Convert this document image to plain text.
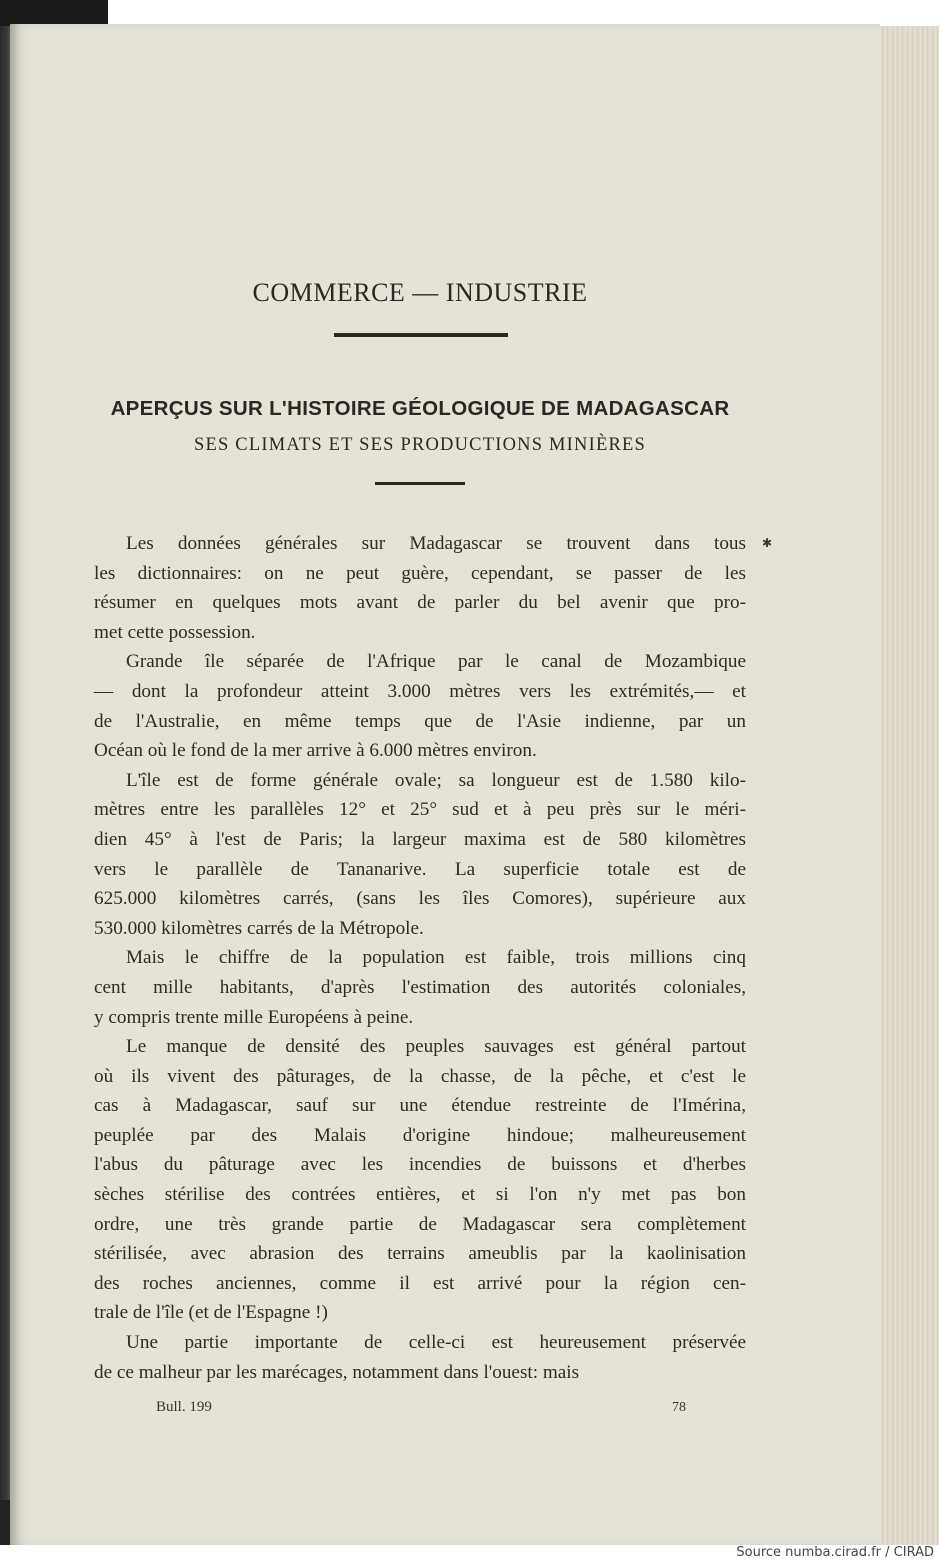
COMMERCE — INDUSTRIE
APERÇUS SUR L'HISTOIRE GÉOLOGIQUE DE MADAGASCAR
SES CLIMATS ET SES PRODUCTIONS MINIÈRES

Les données générales sur Madagascar se trouvent dans tous
les dictionnaires: on ne peut guère, cependant, se passer de les
résumer en quelques mots avant de parler du bel avenir que pro-
met cette possession.

Grande île séparée de l'Afrique par le canal de Mozambique
— dont la profondeur atteint 3.000 mètres vers les extrémités,— et
de l'Australie, en même temps que de l'Asie indienne, par un
Océan où le fond de la mer arrive à 6.000 mètres environ.

L'île est de forme générale ovale; sa longueur est de 1.580 kilo-
mètres entre les parallèles 12° et 25° sud et à peu près sur le méri-
dien 45° à l'est de Paris; la largeur maxima est de 580 kilomètres
vers le parallèle de Tananarive. La superficie totale est de
625.000 kilomètres carrés, (sans les îles Comores), supérieure aux
530.000 kilomètres carrés de la Métropole.

Mais le chiffre de la population est faible, trois millions cinq
cent mille habitants, d'après l'estimation des autorités coloniales,
y compris trente mille Européens à peine.

Le manque de densité des peuples sauvages est général partout
où ils vivent des pâturages, de la chasse, de la pêche, et c'est le
cas à Madagascar, sauf sur une étendue restreinte de l'Imérina,
peuplée par des Malais d'origine hindoue; malheureusement
l'abus du pâturage avec les incendies de buissons et d'herbes
sèches stérilise des contrées entières, et si l'on n'y met pas bon
ordre, une très grande partie de Madagascar sera complètement
stérilisée, avec abrasion des terrains ameublis par la kaolinisation
des roches anciennes, comme il est arrivé pour la région cen-
trale de l'île (et de l'Espagne !)

Une partie importante de celle-ci est heureusement préservée
de ce malheur par les marécages, notamment dans l'ouest: mais

✱
Bull. 199	78
Source numba.cirad.fr / CIRAD
